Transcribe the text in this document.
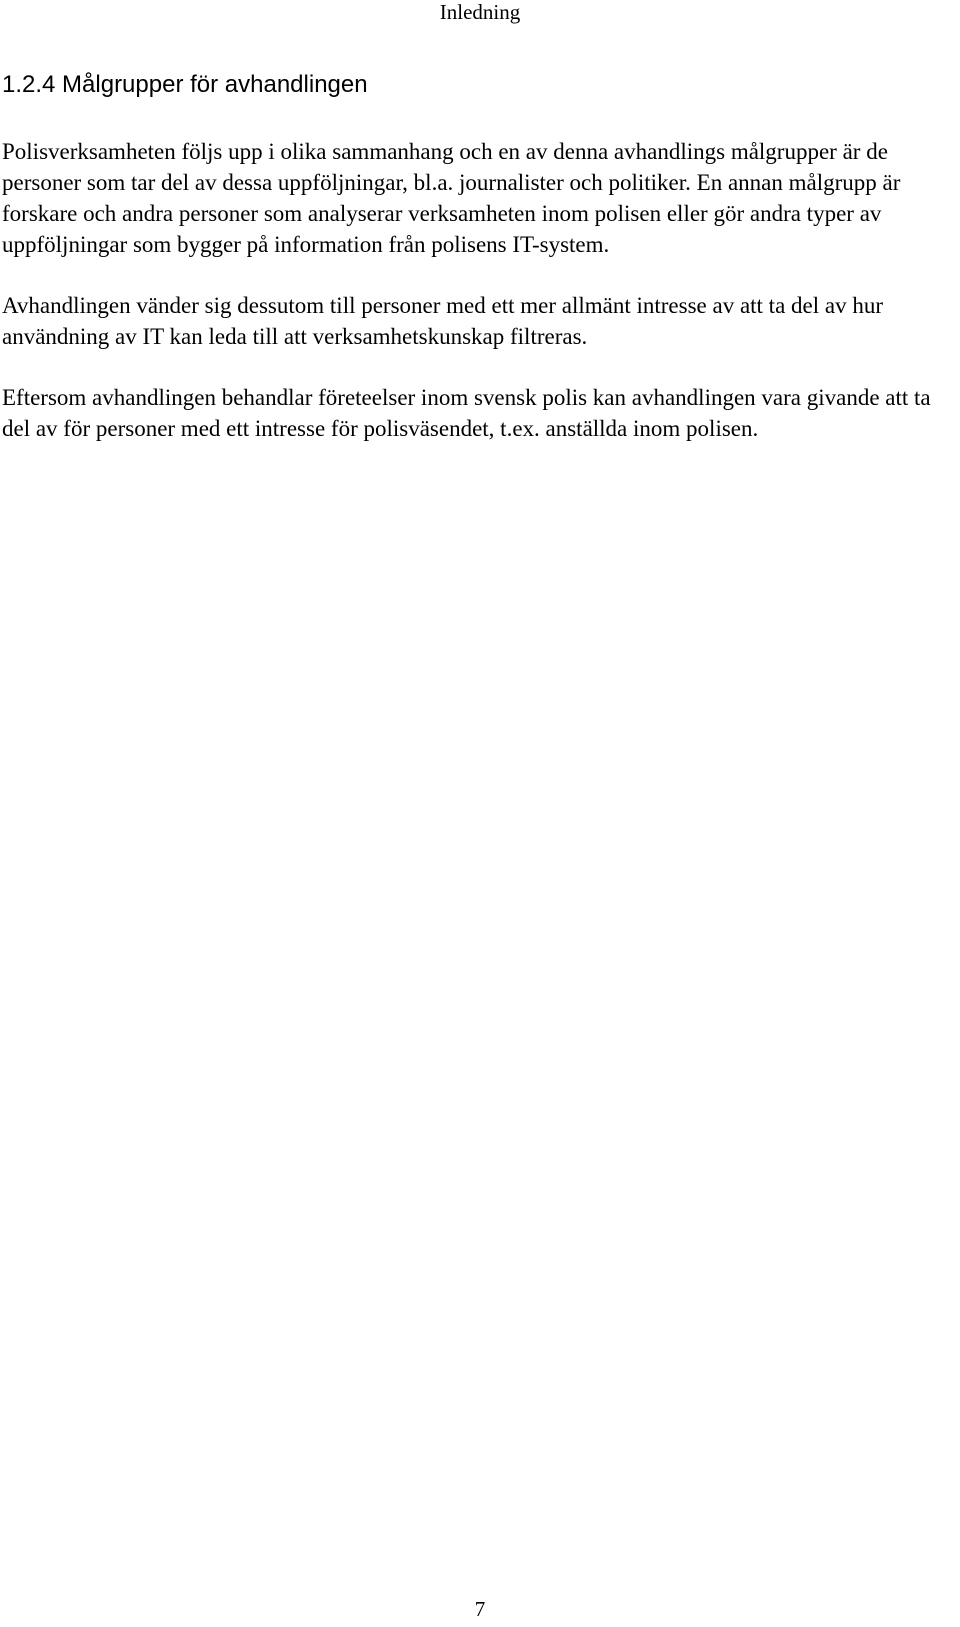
Inledning
1.2.4 Målgrupper för avhandlingen

Polisverksamheten följs upp i olika sammanhang och en av denna avhandlings målgrupper är de personer som tar del av dessa uppföljningar, bl.a. journalister och politiker. En annan målgrupp är forskare och andra personer som analyserar verksamheten inom polisen eller gör andra typer av uppföljningar som bygger på information från polisens IT-system.

Avhandlingen vänder sig dessutom till personer med ett mer allmänt intresse av att ta del av hur användning av IT kan leda till att verksamhetskunskap filtreras.

Eftersom avhandlingen behandlar företeelser inom svensk polis kan avhandlingen vara givande att ta del av för personer med ett intresse för polisväsendet, t.ex. anställda inom polisen.

7
